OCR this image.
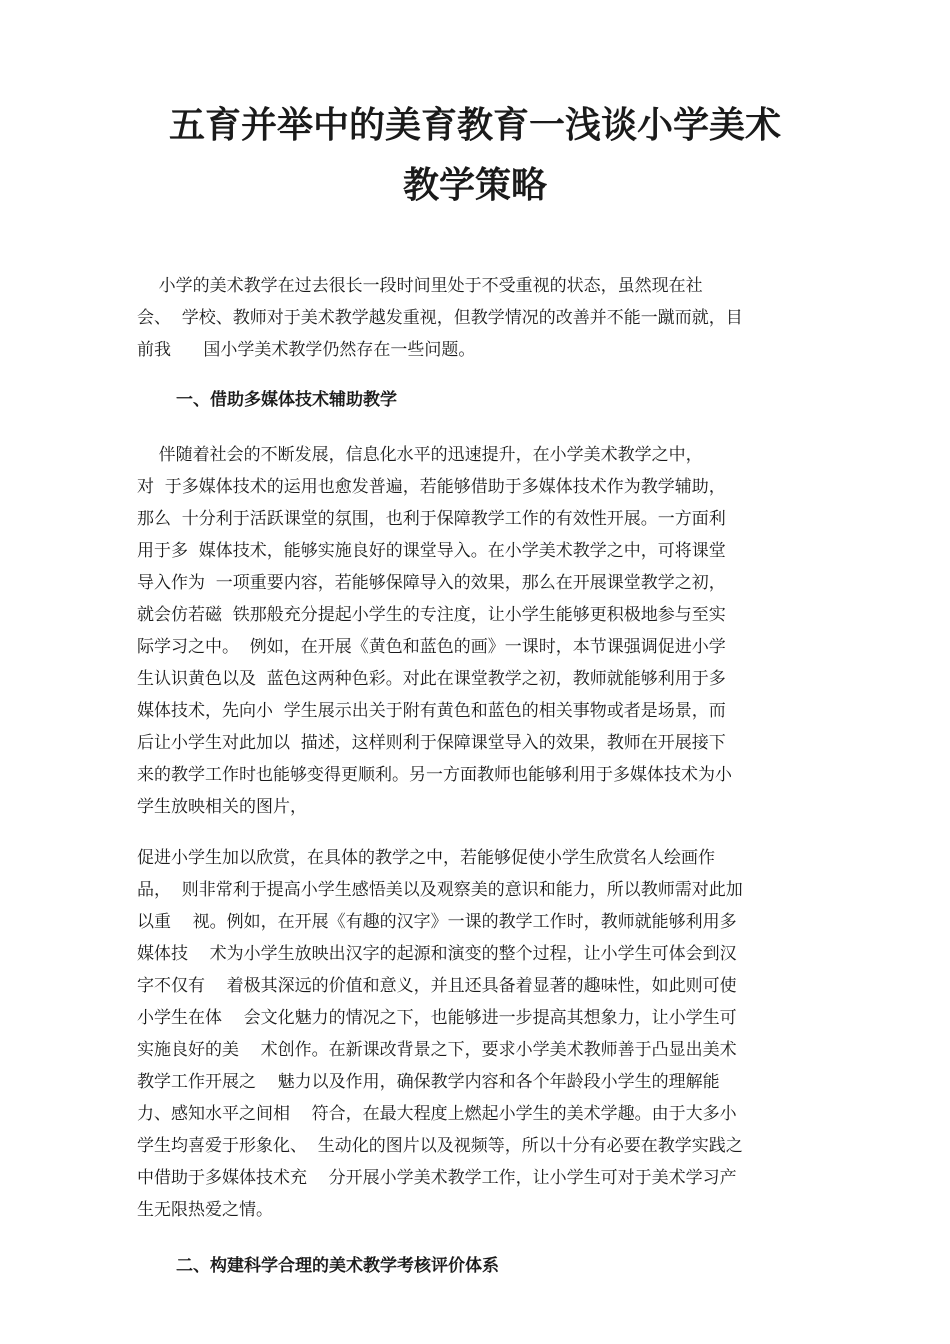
五育并举中的美育教育一浅谈小学美术
教学策略
小学的美术教学在过去很长一段时间里处于不受重视的状态，虽然现在社
会、  学校、教师对于美术教学越发重视，但教学情况的改善并不能一蹴而就，目
前我      国小学美术教学仍然存在一些问题。
一、借助多媒体技术辅助教学
伴随着社会的不断发展，信息化水平的迅速提升，在小学美术教学之中，
对  于多媒体技术的运用也愈发普遍，若能够借助于多媒体技术作为教学辅助，
那么  十分利于活跃课堂的氛围，也利于保障教学工作的有效性开展。一方面利
用于多  媒体技术，能够实施良好的课堂导入。在小学美术教学之中，可将课堂
导入作为  一项重要内容，若能够保障导入的效果，那么在开展课堂教学之初，
就会仿若磁  铁那般充分提起小学生的专注度，让小学生能够更积极地参与至实
际学习之中。  例如，在开展《黄色和蓝色的画》一课时，本节课强调促进小学
生认识黄色以及  蓝色这两种色彩。对此在课堂教学之初，教师就能够利用于多
媒体技术，先向小  学生展示出关于附有黄色和蓝色的相关事物或者是场景，而
后让小学生对此加以  描述，这样则利于保障课堂导入的效果，教师在开展接下
来的教学工作时也能够变得更顺利。另一方面教师也能够利用于多媒体技术为小
学生放映相关的图片，
促进小学生加以欣赏，在具体的教学之中，若能够促使小学生欣赏名人绘画作
品，  则非常利于提高小学生感悟美以及观察美的意识和能力，所以教师需对此加
以重    视。例如，在开展《有趣的汉字》一课的教学工作时，教师就能够利用多
媒体技    术为小学生放映出汉字的起源和演变的整个过程，让小学生可体会到汉
字不仅有    着极其深远的价值和意义，并且还具备着显著的趣味性，如此则可使
小学生在体    会文化魅力的情况之下，也能够进一步提高其想象力，让小学生可
实施良好的美    术创作。在新课改背景之下，要求小学美术教师善于凸显出美术
教学工作开展之    魅力以及作用，确保教学内容和各个年龄段小学生的理解能
力、感知水平之间相    符合，在最大程度上燃起小学生的美术学趣。由于大多小
学生均喜爱于形象化、  生动化的图片以及视频等，所以十分有必要在教学实践之
中借助于多媒体技术充    分开展小学美术教学工作，让小学生可对于美术学习产
生无限热爱之情。
二、构建科学合理的美术教学考核评价体系
